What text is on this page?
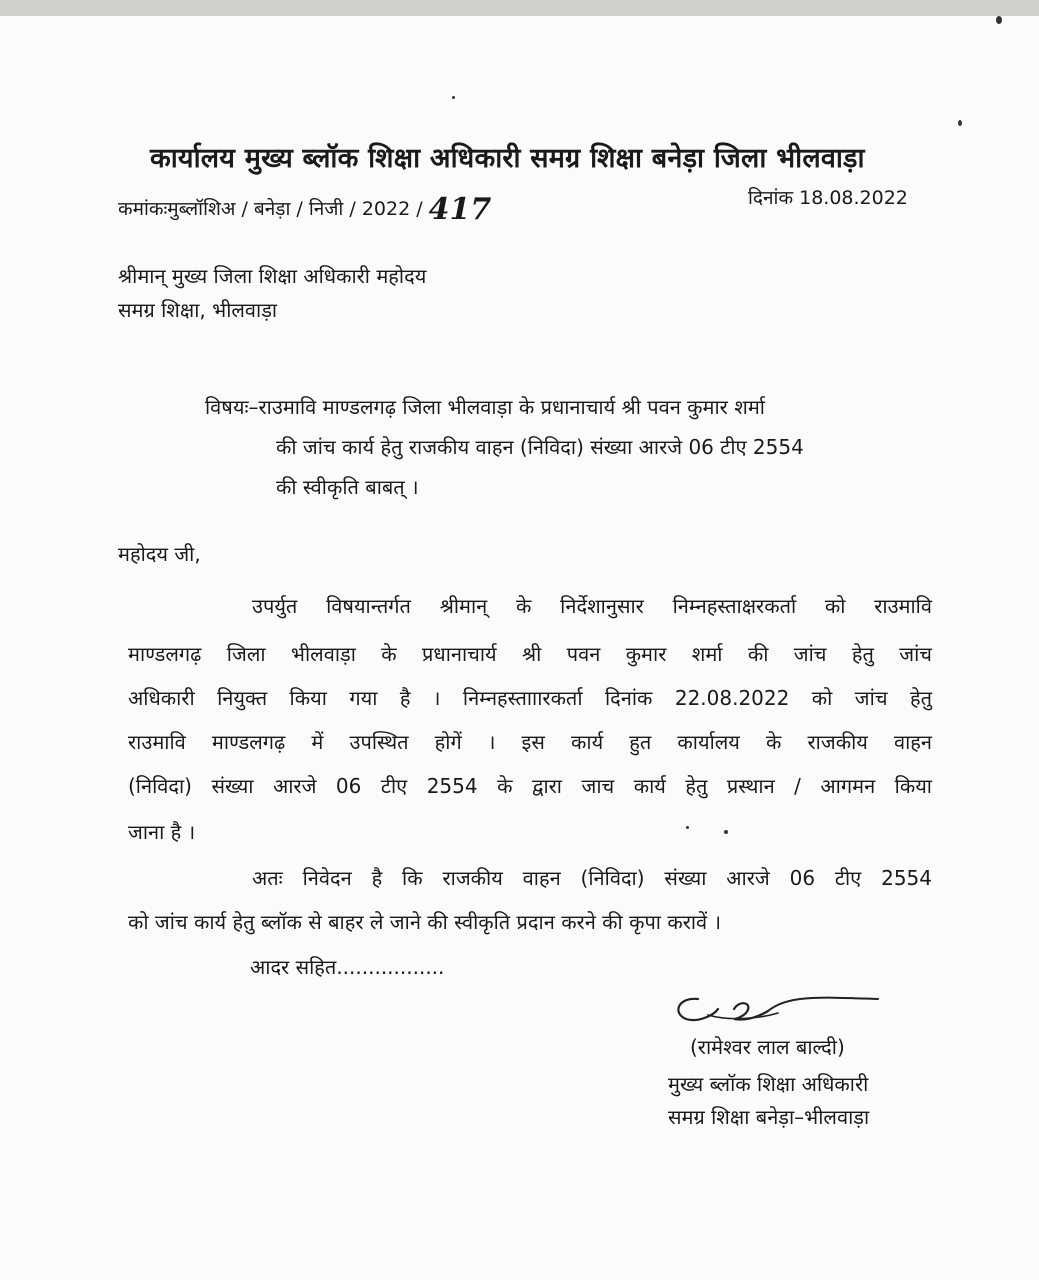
कार्यालय मुख्य ब्लॉक शिक्षा अधिकारी समग्र शिक्षा बनेड़ा जिला भीलवाड़ा
कमांकःमुब्लॉशिअ / बनेड़ा / निजी / 2022 / 417	दिनांक 18.08.2022
श्रीमान् मुख्य जिला शिक्षा अधिकारी महोदय
समग्र शिक्षा, भीलवाड़ा
विषयः–राउमावि माण्डलगढ़ जिला भीलवाड़ा के प्रधानाचार्य श्री पवन कुमार शर्मा
की जांच कार्य हेतु राजकीय वाहन (निविदा) संख्या आरजे 06 टीए 2554
की स्वीकृति बाबत् ।
महोदय जी,
उपर्युत विषयान्तर्गत श्रीमान् के निर्देशानुसार निम्नहस्ताक्षरकर्ता को राउमावि
माण्डलगढ़ जिला भीलवाड़ा के प्रधानाचार्य श्री पवन कुमार शर्मा की जांच हेतु जांच
अधिकारी नियुक्त किया गया है । निम्नहस्तााारकर्ता दिनांक 22.08.2022 को जांच हेतु
राउमावि माण्डलगढ़ में उपस्थित होगें । इस कार्य हुत कार्यालय के राजकीय वाहन
(निविदा) संख्या आरजे 06 टीए 2554 के द्वारा जाच कार्य हेतु प्रस्थान / आगमन किया
जाना है ।
अतः निवेदन है कि राजकीय वाहन (निविदा) संख्या आरजे 06 टीए 2554
को जांच कार्य हेतु ब्लॉक से बाहर ले जाने की स्वीकृति प्रदान करने की कृपा करावें ।
आदर सहित.................
(रामेश्वर लाल बाल्दी)
मुख्य ब्लॉक शिक्षा अधिकारी
समग्र शिक्षा बनेड़ा–भीलवाड़ा
